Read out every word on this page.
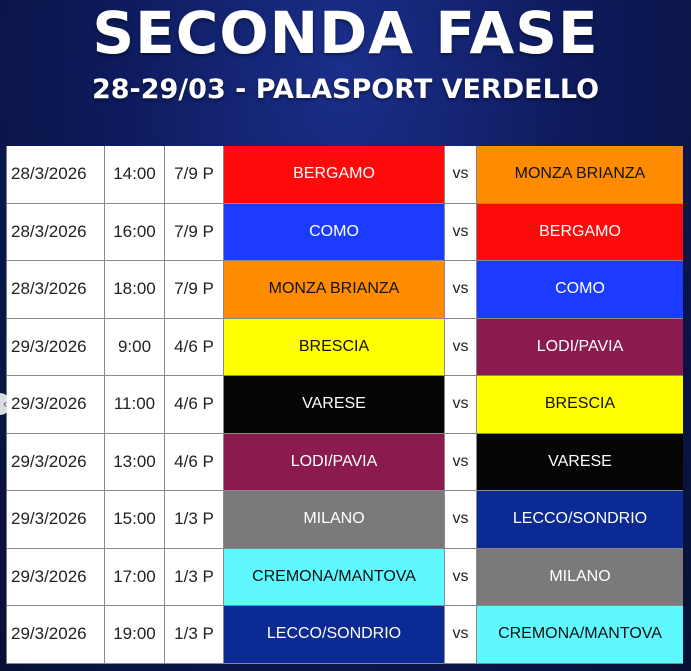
SECONDA FASE
28-29/03 - PALASPORT VERDELLO
28/3/2026	14:00	7/9 P	BERGAMO	vs	MONZA BRIANZA
28/3/2026	16:00	7/9 P	COMO	vs	BERGAMO
28/3/2026	18:00	7/9 P	MONZA BRIANZA	vs	COMO
29/3/2026	9:00	4/6 P	BRESCIA	vs	LODI/PAVIA
29/3/2026	11:00	4/6 P	VARESE	vs	BRESCIA
29/3/2026	13:00	4/6 P	LODI/PAVIA	vs	VARESE
29/3/2026	15:00	1/3 P	MILANO	vs	LECCO/SONDRIO
29/3/2026	17:00	1/3 P	CREMONA/MANTOVA	vs	MILANO
29/3/2026	19:00	1/3 P	LECCO/SONDRIO	vs	CREMONA/MANTOVA
‹
